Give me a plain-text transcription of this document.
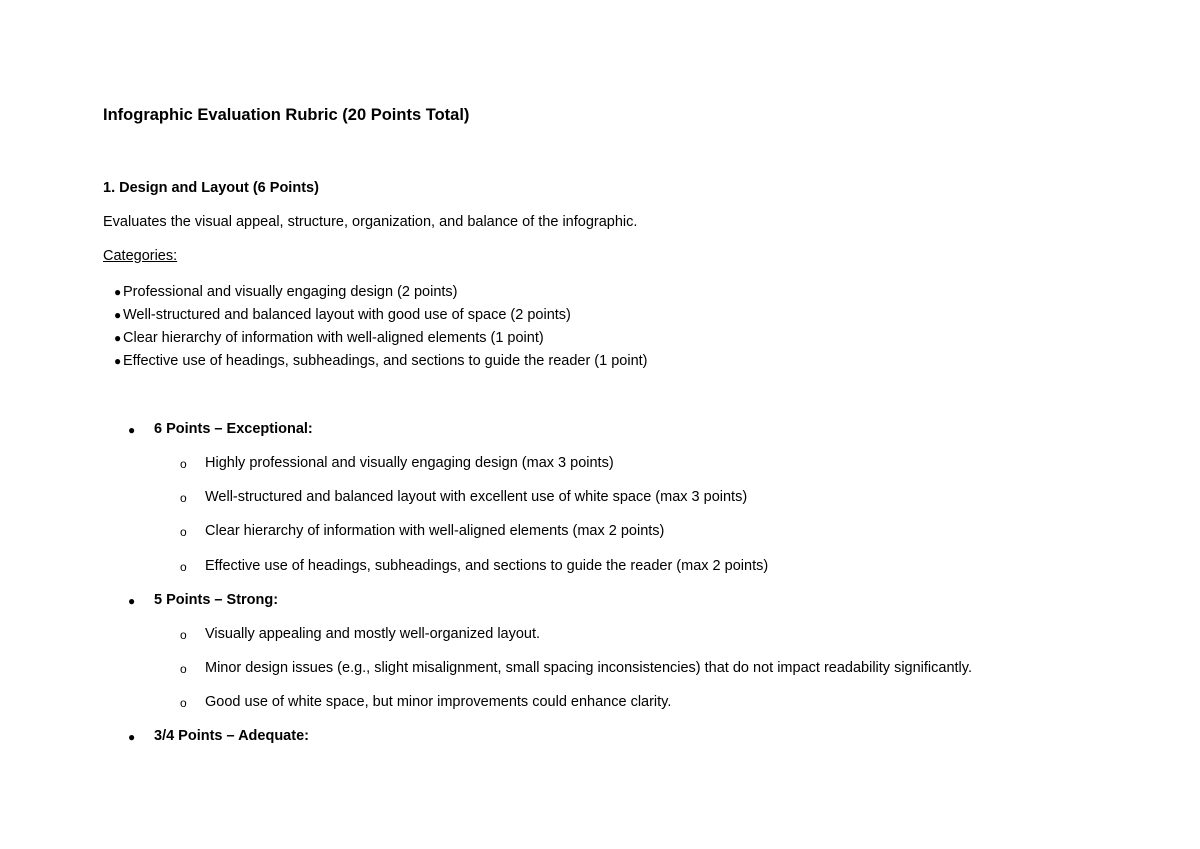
Infographic Evaluation Rubric (20 Points Total)
1. Design and Layout (6 Points)
Evaluates the visual appeal, structure, organization, and balance of the infographic.
Categories:
● Professional and visually engaging design (2 points)
● Well-structured and balanced layout with good use of space (2 points)
● Clear hierarchy of information with well-aligned elements (1 point)
● Effective use of headings, subheadings, and sections to guide the reader (1 point)
● 6 Points – Exceptional:
o Highly professional and visually engaging design (max 3 points)
o Well-structured and balanced layout with excellent use of white space (max 3 points)
o Clear hierarchy of information with well-aligned elements (max 2 points)
o Effective use of headings, subheadings, and sections to guide the reader (max 2 points)
● 5 Points – Strong:
o Visually appealing and mostly well-organized layout.
o Minor design issues (e.g., slight misalignment, small spacing inconsistencies) that do not impact readability significantly.
o Good use of white space, but minor improvements could enhance clarity.
● 3/4 Points – Adequate:
